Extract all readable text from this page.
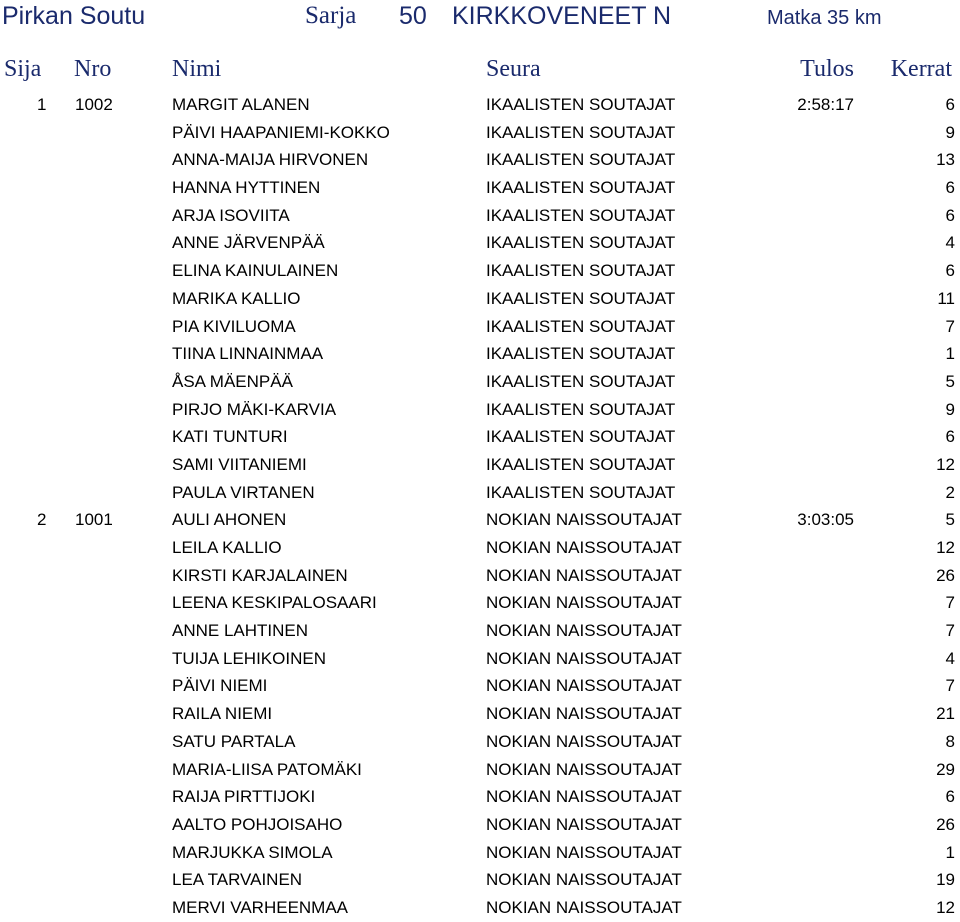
Pirkan Soutu	Sarja 50 KIRKKOVENEET N	Matka 35 km
Sija Nro	Nimi	Seura	Tulos Kerrat
1 1002	MARGIT ALANEN	IKAALISTEN SOUTAJAT	2:58:17	6
PÄIVI HAAPANIEMI-KOKKO	IKAALISTEN SOUTAJAT	9
ANNA-MAIJA HIRVONEN	IKAALISTEN SOUTAJAT	13
HANNA HYTTINEN	IKAALISTEN SOUTAJAT	6
ARJA ISOVIITA	IKAALISTEN SOUTAJAT	6
ANNE JÄRVENPÄÄ	IKAALISTEN SOUTAJAT	4
ELINA KAINULAINEN	IKAALISTEN SOUTAJAT	6
MARIKA KALLIO	IKAALISTEN SOUTAJAT	11
PIA KIVILUOMA	IKAALISTEN SOUTAJAT	7
TIINA LINNAINMAA	IKAALISTEN SOUTAJAT	1
ÅSA MÄENPÄÄ	IKAALISTEN SOUTAJAT	5
PIRJO MÄKI-KARVIA	IKAALISTEN SOUTAJAT	9
KATI TUNTURI	IKAALISTEN SOUTAJAT	6
SAMI VIITANIEMI	IKAALISTEN SOUTAJAT	12
PAULA VIRTANEN	IKAALISTEN SOUTAJAT	2
2 1001	AULI AHONEN	NOKIAN NAISSOUTAJAT	3:03:05	5
LEILA KALLIO	NOKIAN NAISSOUTAJAT	12
KIRSTI KARJALAINEN	NOKIAN NAISSOUTAJAT	26
LEENA KESKIPALOSAARI	NOKIAN NAISSOUTAJAT	7
ANNE LAHTINEN	NOKIAN NAISSOUTAJAT	7
TUIJA LEHIKOINEN	NOKIAN NAISSOUTAJAT	4
PÄIVI NIEMI	NOKIAN NAISSOUTAJAT	7
RAILA NIEMI	NOKIAN NAISSOUTAJAT	21
SATU PARTALA	NOKIAN NAISSOUTAJAT	8
MARIA-LIISA PATOMÄKI	NOKIAN NAISSOUTAJAT	29
RAIJA PIRTTIJOKI	NOKIAN NAISSOUTAJAT	6
AALTO POHJOISAHO	NOKIAN NAISSOUTAJAT	26
MARJUKKA SIMOLA	NOKIAN NAISSOUTAJAT	1
LEA TARVAINEN	NOKIAN NAISSOUTAJAT	19
MERVI VARHEENMAA	NOKIAN NAISSOUTAJAT	12
